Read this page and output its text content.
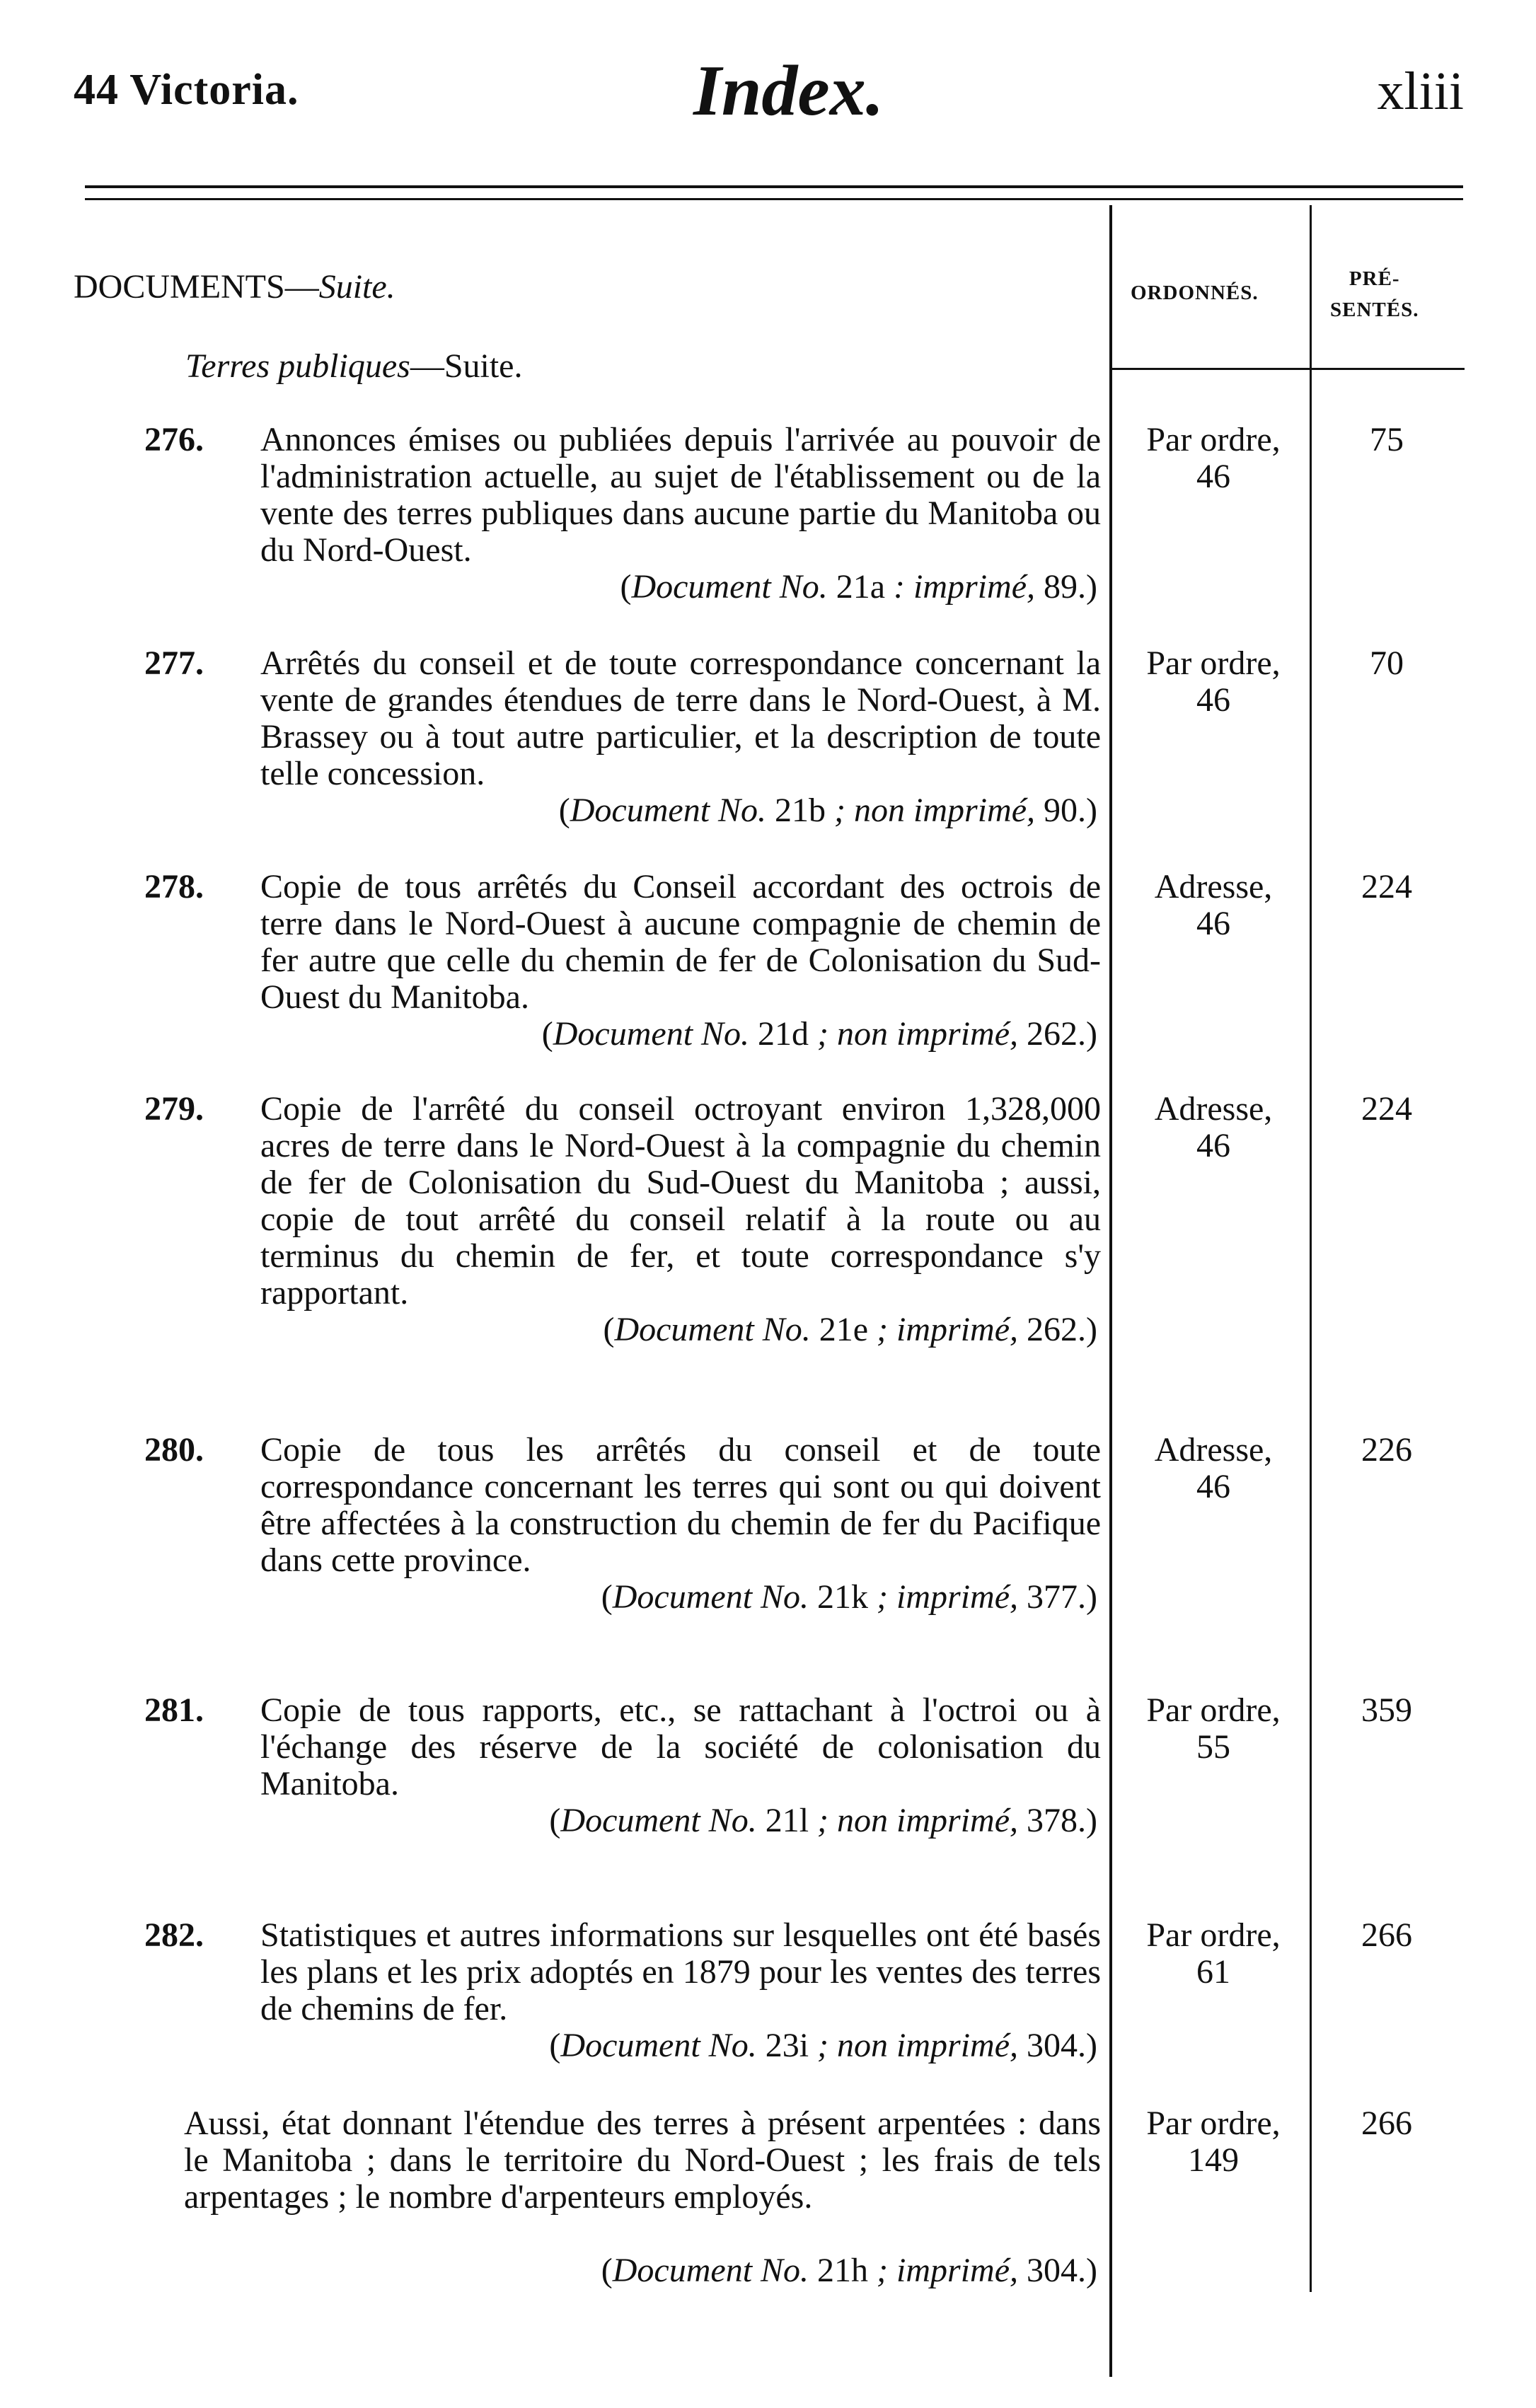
44 Victoria.	Index.	xliii
ORDONNÉS.
PRÉ-
SENTÉS.
DOCUMENTS—Suite.
Terres publiques—Suite.
276. Annonces émises ou publiées depuis l'arrivée au pouvoir de l'administration actuelle, au sujet de l'établissement ou de la vente des terres publiques dans aucune partie du Manitoba ou du Nord-Ouest.
(Document No. 21a : imprimé, 89.)
Par ordre,
46
75
277. Arrêtés du conseil et de toute correspondance concernant la vente de grandes étendues de terre dans le Nord-Ouest, à M. Brassey ou à tout autre particulier, et la description de toute telle concession.
(Document No. 21b ; non imprimé, 90.)
Par ordre,
46
70
278. Copie de tous arrêtés du Conseil accordant des octrois de terre dans le Nord-Ouest à aucune compagnie de chemin de fer autre que celle du chemin de fer de Colonisation du Sud-Ouest du Manitoba.
(Document No. 21d ; non imprimé, 262.)
Adresse,
46
224
279. Copie de l'arrêté du conseil octroyant environ 1,328,000 acres de terre dans le Nord-Ouest à la compagnie du chemin de fer de Colonisation du Sud-Ouest du Manitoba ; aussi, copie de tout arrêté du conseil relatif à la route ou au terminus du chemin de fer, et toute correspondance s'y rapportant.
(Document No. 21e ; imprimé, 262.)
Adresse,
46
224
280. Copie de tous les arrêtés du conseil et de toute correspondance concernant les terres qui sont ou qui doivent être affectées à la construction du chemin de fer du Pacifique dans cette province.
(Document No. 21k ; imprimé, 377.)
Adresse,
46
226
281. Copie de tous rapports, etc., se rattachant à l'octroi ou à l'échange des réserve de la société de colonisation du Manitoba.
(Document No. 21l ; non imprimé, 378.)
Par ordre,
55
359
282. Statistiques et autres informations sur lesquelles ont été basés les plans et les prix adoptés en 1879 pour les ventes des terres de chemins de fer.
(Document No. 23i ; non imprimé, 304.)
Par ordre,
61
266
Aussi, état donnant l'étendue des terres à présent arpentées : dans le Manitoba ; dans le territoire du Nord-Ouest ; les frais de tels arpentages ; le nombre d'arpenteurs employés.
(Document No. 21h ; imprimé, 304.)
Par ordre,
149
266
